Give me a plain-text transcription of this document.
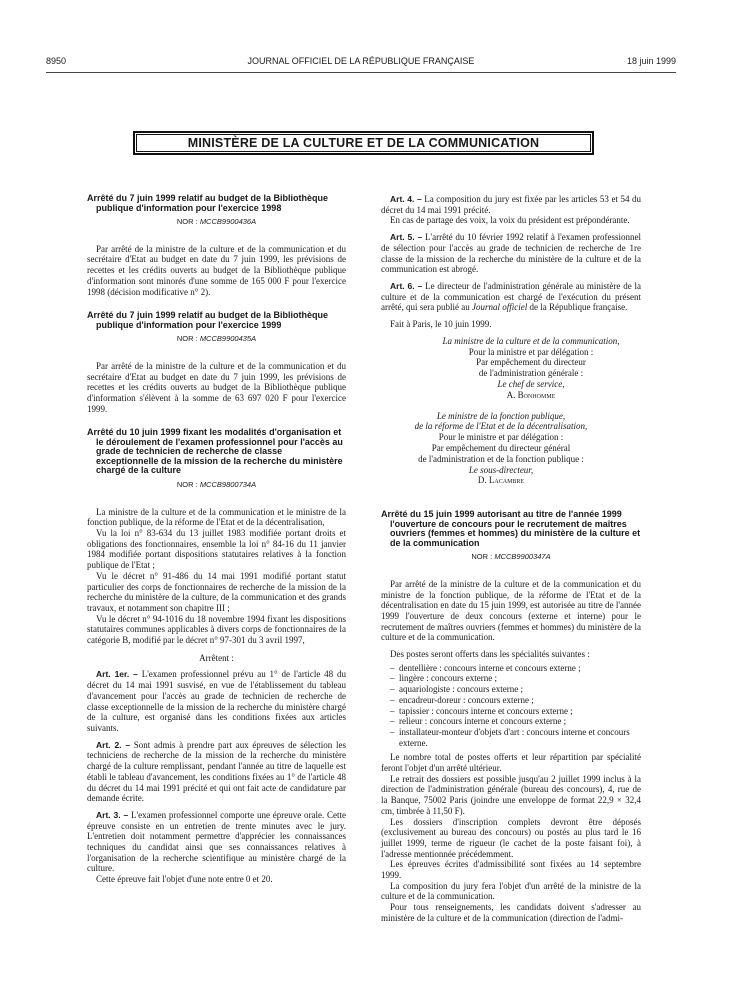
8950	JOURNAL OFFICIEL DE LA RÉPUBLIQUE FRANÇAISE	18 juin 1999
MINISTÈRE DE LA CULTURE ET DE LA COMMUNICATION
Arrêté du 7 juin 1999 relatif au budget de la Bibliothèque publique d'information pour l'exercice 1998
NOR : MCCB9900436A

Par arrêté de la ministre de la culture et de la communication et du secrétaire d'Etat au budget en date du 7 juin 1999, les prévisions de recettes et les crédits ouverts au budget de la Bibliothèque publique d'information sont minorés d'une somme de 165 000 F pour l'exercice 1998 (décision modificative n° 2).

Arrêté du 7 juin 1999 relatif au budget de la Bibliothèque publique d'information pour l'exercice 1999
NOR : MCCB9900435A

Par arrêté de la ministre de la culture et de la communication et du secrétaire d'Etat au budget en date du 7 juin 1999, les prévisions de recettes et les crédits ouverts au budget de la Bibliothèque publique d'information s'élèvent à la somme de 63 697 020 F pour l'exercice 1999.

Arrêté du 10 juin 1999 fixant les modalités d'organisation et le déroulement de l'examen professionnel pour l'accès au grade de technicien de recherche de classe exceptionnelle de la mission de la recherche du ministère chargé de la culture
NOR : MCCB9800734A

La ministre de la culture et de la communication et le ministre de la fonction publique, de la réforme de l'Etat et de la décentralisation,

Vu la loi n° 83-634 du 13 juillet 1983 modifiée portant droits et obligations des fonctionnaires, ensemble la loi n° 84-16 du 11 janvier 1984 modifiée portant dispositions statutaires relatives à la fonction publique de l'Etat ;

Vu le décret n° 91-486 du 14 mai 1991 modifié portant statut particulier des corps de fonctionnaires de recherche de la mission de la recherche du ministère de la culture, de la communication et des grands travaux, et notamment son chapitre III ;

Vu le décret n° 94-1016 du 18 novembre 1994 fixant les dispositions statutaires communes applicables à divers corps de fonctionnaires de la catégorie B, modifié par le décret n° 97-301 du 3 avril 1997,

Arrêtent :

Art. 1er. – L'examen professionnel prévu au 1° de l'article 48 du décret du 14 mai 1991 susvisé, en vue de l'établissement du tableau d'avancement pour l'accès au grade de technicien de recherche de classe exceptionnelle de la mission de la recherche du ministère chargé de la culture, est organisé dans les conditions fixées aux articles suivants.

Art. 2. – Sont admis à prendre part aux épreuves de sélection les techniciens de recherche de la mission de la recherche du ministère chargé de la culture remplissant, pendant l'année au titre de laquelle est établi le tableau d'avancement, les conditions fixées au 1° de l'article 48 du décret du 14 mai 1991 précité et qui ont fait acte de candidature par demande écrite.

Art. 3. – L'examen professionnel comporte une épreuve orale. Cette épreuve consiste en un entretien de trente minutes avec le jury. L'entretien doit notamment permettre d'apprécier les connaissances techniques du candidat ainsi que ses connaissances relatives à l'organisation de la recherche scientifique au ministère chargé de la culture.

Cette épreuve fait l'objet d'une note entre 0 et 20.

Art. 4. – La composition du jury est fixée par les articles 53 et 54 du décret du 14 mai 1991 précité.

En cas de partage des voix, la voix du président est prépondérante.

Art. 5. – L'arrêté du 10 février 1992 relatif à l'examen professionnel de sélection pour l'accès au grade de technicien de recherche de 1re classe de la mission de la recherche du ministère de la culture et de la communication est abrogé.

Art. 6. – Le directeur de l'administration générale au ministère de la culture et de la communication est chargé de l'exécution du présent arrêté, qui sera publié au Journal officiel de la République française.

Fait à Paris, le 10 juin 1999.

La ministre de la culture et de la communication,
Pour la ministre et par délégation :
Par empêchement du directeur
de l'administration générale :
Le chef de service,
A. Bonhomme
Le ministre de la fonction publique,
de la réforme de l'Etat et de la décentralisation,
Pour le ministre et par délégation :
Par empêchement du directeur général
de l'administration et de la fonction publique :
Le sous-directeur,
D. Lacambre
Arrêté du 15 juin 1999 autorisant au titre de l'année 1999 l'ouverture de concours pour le recrutement de maîtres ouvriers (femmes et hommes) du ministère de la culture et de la communication
NOR : MCCB9900347A

Par arrêté de la ministre de la culture et de la communication et du ministre de la fonction publique, de la réforme de l'Etat et de la décentralisation en date du 15 juin 1999, est autorisée au titre de l'année 1999 l'ouverture de deux concours (externe et interne) pour le recrutement de maîtres ouvriers (femmes et hommes) du ministère de la culture et de la communication.

Des postes seront offerts dans les spécialités suivantes :

– dentellière : concours interne et concours externe ;
– lingère : concours externe ;
– aquariologiste : concours externe ;
– encadreur-doreur : concours externe ;
– tapissier : concours interne et concours externe ;
– relieur : concours interne et concours externe ;
– installateur-monteur d'objets d'art : concours interne et concours externe.

Le nombre total de postes offerts et leur répartition par spécialité feront l'objet d'un arrêté ultérieur.

Le retrait des dossiers est possible jusqu'au 2 juillet 1999 inclus à la direction de l'administration générale (bureau des concours), 4, rue de la Banque, 75002 Paris (joindre une enveloppe de format 22,9 × 32,4 cm, timbrée à 11,50 F).

Les dossiers d'inscription complets devront être déposés (exclusivement au bureau des concours) ou postés au plus tard le 16 juillet 1999, terme de rigueur (le cachet de la poste faisant foi), à l'adresse mentionnée précédemment.

Les épreuves écrites d'admissibilité sont fixées au 14 septembre 1999.

La composition du jury fera l'objet d'un arrêté de la ministre de la culture et de la communication.

Pour tous renseignements, les candidats doivent s'adresser au ministère de la culture et de la communication (direction de l'admi-
